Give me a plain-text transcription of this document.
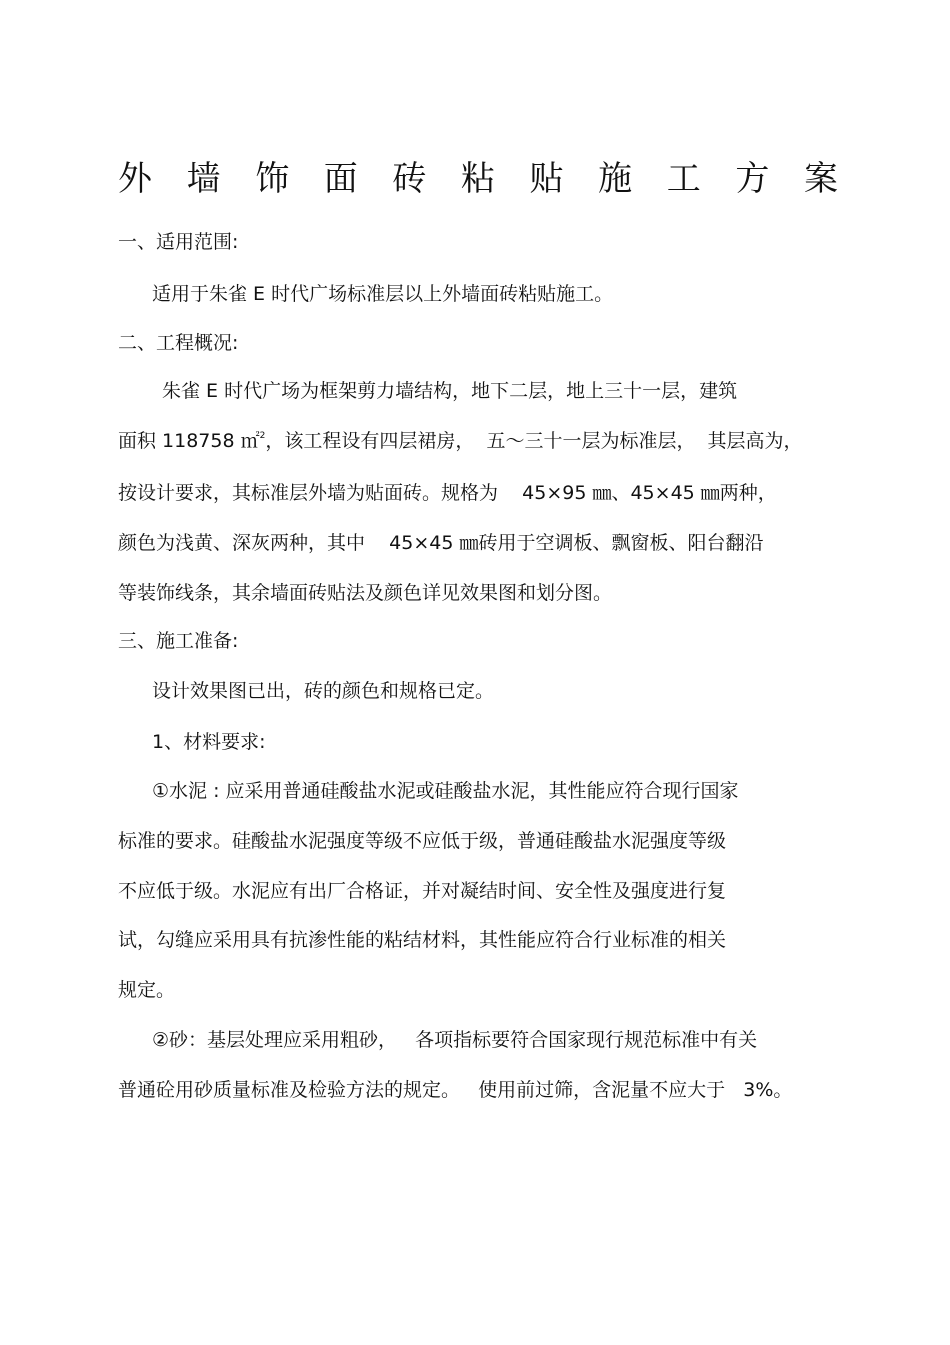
外 墙 饰 面 砖 粘 贴 施 工 方 案

一、适用范围:

适用于朱雀 E 时代广场标准层以上外墙面砖粘贴施工。

二、工程概况:

朱雀 E 时代广场为框架剪力墙结构，地下二层，地上三十一层，建筑

面积 118758 ㎡$^2$，该工程设有四层裙房，  五～三十一层为标准层，  其层高为，

按设计要求，其标准层外墙为贴面砖。规格为    45×95 ㎜、45×45 ㎜两种，

颜色为浅黄、深灰两种，其中    45×45 ㎜砖用于空调板、飘窗板、阳台翻沿

等装饰线条，其余墙面砖贴法及颜色详见效果图和划分图。

三、施工准备:

设计效果图已出，砖的颜色和规格已定。

1、材料要求:

①水泥 : 应采用普通硅酸盐水泥或硅酸盐水泥，其性能应符合现行国家

标准的要求。硅酸盐水泥强度等级不应低于级，普通硅酸盐水泥强度等级

不应低于级。水泥应有出厂合格证，并对凝结时间、安全性及强度进行复

试，勾缝应采用具有抗渗性能的粘结材料，其性能应符合行业标准的相关

规定。

②砂：基层处理应采用粗砂，   各项指标要符合国家现行规范标准中有关

普通砼用砂质量标准及检验方法的规定。   使用前过筛，含泥量不应大于   3%。
